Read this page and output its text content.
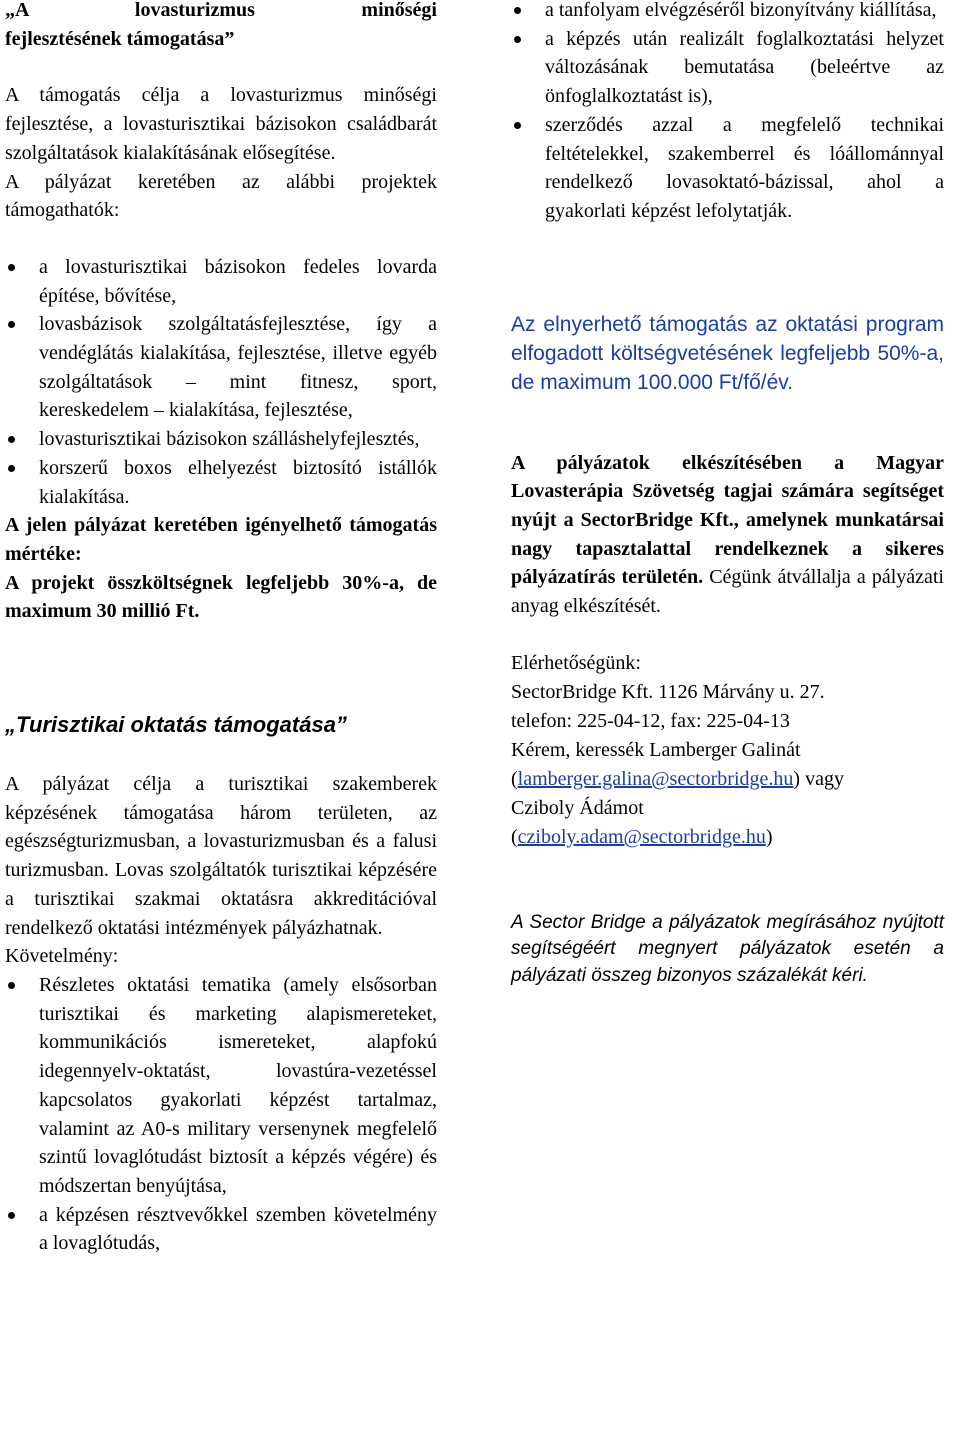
„A lovasturizmus minőségi
fejlesztésének támogatása”

A támogatás célja a lovasturizmus minőségi fejlesztése, a lovasturisztikai bázisokon családbarát szolgáltatások kialakításának elősegítése.

A pályázat keretében az alábbi projektek támogathatók:

a lovasturisztikai bázisokon fedeles lovarda építése, bővítése,
lovasbázisok szolgáltatásfejlesztése, így a vendéglátás kialakítása, fejlesztése, illetve egyéb szolgáltatások – mint fitnesz, sport, kereskedelem – kialakítása, fejlesztése,
lovasturisztikai bázisokon szálláshelyfejlesztés,
korszerű boxos elhelyezést biztosító istállók kialakítása.

A jelen pályázat keretében igényelhető támogatás mértéke:

A projekt összköltségnek legfeljebb 30%-a, de maximum 30 millió Ft.

„Turisztikai oktatás támogatása”

A pályázat célja a turisztikai szakemberek képzésének támogatása három területen, az egészségturizmusban, a lovasturizmusban és a falusi turizmusban. Lovas szolgáltatók turisztikai képzésére a turisztikai szakmai oktatásra akkreditációval rendelkező oktatási intézmények pályázhatnak.

Követelmény:

Részletes oktatási tematika (amely elsősorban turisztikai és marketing alapismereteket, kommunikációs ismereteket, alapfokú idegennyelv-oktatást, lovastúra-vezetéssel kapcsolatos gyakorlati képzést tartalmaz, valamint az A0-s military versenynek megfelelő szintű lovaglótudást biztosít a képzés végére) és módszertan benyújtása,
a képzésen résztvevőkkel szemben követelmény a lovaglótudás,
a tanfolyam elvégzéséről bizonyítvány kiállítása,
a képzés után realizált foglalkoztatási helyzet változásának bemutatása (beleértve az önfoglalkoztatást is),
szerződés azzal a megfelelő technikai feltételekkel, szakemberrel és lóállománnyal rendelkező lovasoktató-bázissal, ahol a gyakorlati képzést lefolytatják.

Az elnyerhető támogatás az oktatási program elfogadott költségvetésének legfeljebb 50%-a, de maximum 100.000 Ft/fő/év.

A pályázatok elkészítésében a Magyar Lovasterápia Szövetség tagjai számára segítséget nyújt a SectorBridge Kft., amelynek munkatársai nagy tapasztalattal rendelkeznek a sikeres pályázatírás területén. Cégünk átvállalja a pályázati anyag elkészítését.

Elérhetőségünk:
SectorBridge Kft. 1126 Márvány u. 27.
telefon: 225-04-12, fax: 225-04-13
Kérem, keressék Lamberger Galinát
(lamberger.galina@sectorbridge.hu) vagy
Cziboly Ádámot
(cziboly.adam@sectorbridge.hu)

A Sector Bridge a pályázatok megírásához nyújtott segítségéért megnyert pályázatok esetén a pályázati összeg bizonyos százalékát kéri.
